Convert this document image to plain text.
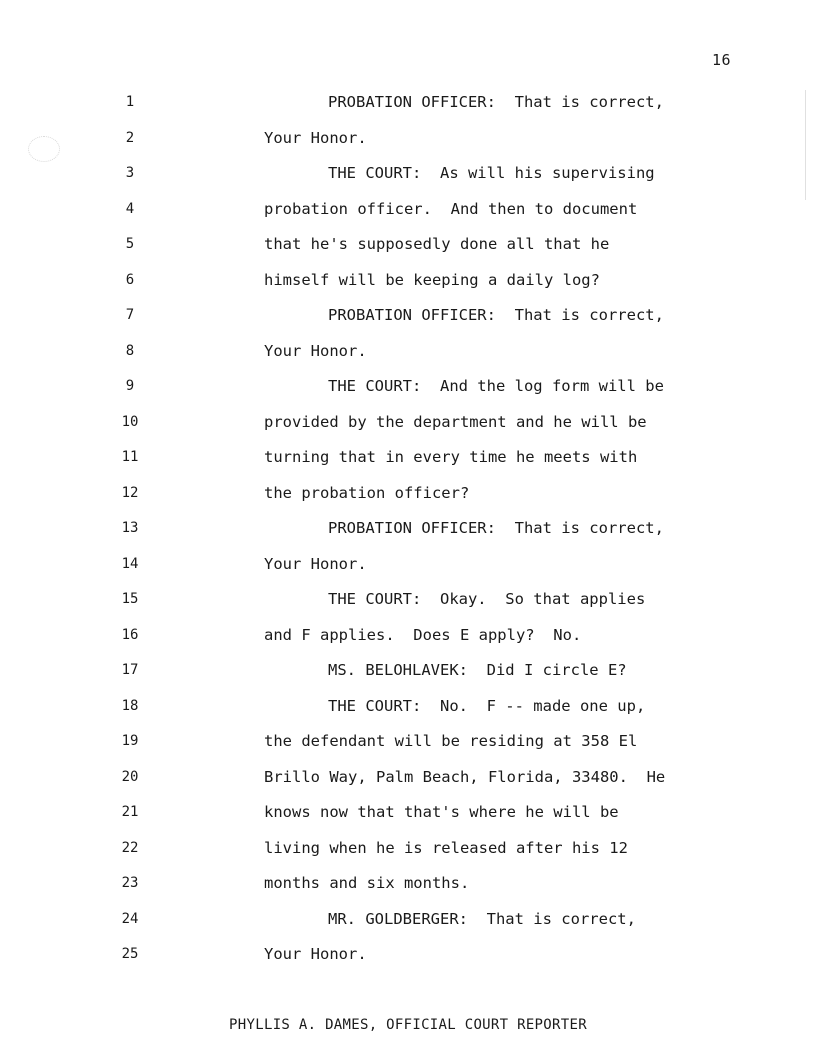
16
1
2
3
4
5
6
7
8
9
10
11
12
13
14
15
16
17
18
19
20
21
22
23
24
25
PROBATION OFFICER:  That is correct,
Your Honor.
THE COURT:  As will his supervising
probation officer.  And then to document
that he's supposedly done all that he
himself will be keeping a daily log?
PROBATION OFFICER:  That is correct,
Your Honor.
THE COURT:  And the log form will be
provided by the department and he will be
turning that in every time he meets with
the probation officer?
PROBATION OFFICER:  That is correct,
Your Honor.
THE COURT:  Okay.  So that applies
and F applies.  Does E apply?  No.
MS. BELOHLAVEK:  Did I circle E?
THE COURT:  No.  F -- made one up,
the defendant will be residing at 358 El
Brillo Way, Palm Beach, Florida, 33480.  He
knows now that that's where he will be
living when he is released after his 12
months and six months.
MR. GOLDBERGER:  That is correct,
Your Honor.
PHYLLIS A. DAMES, OFFICIAL COURT REPORTER
